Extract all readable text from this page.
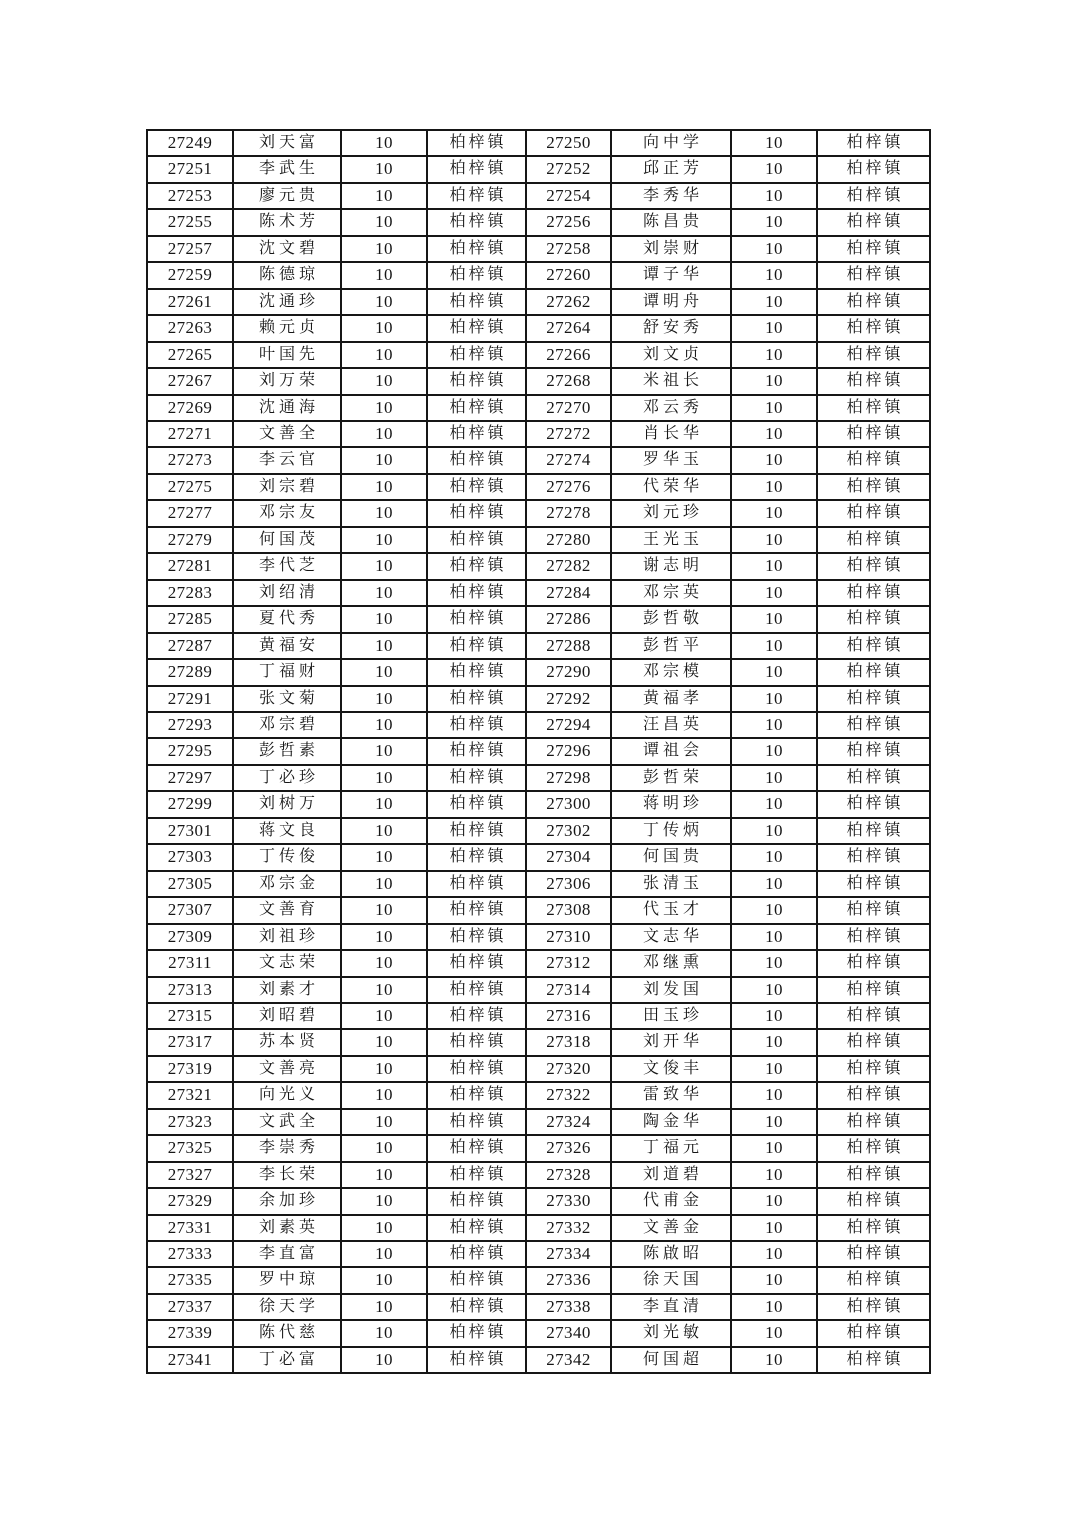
27249	刘天富	10	柏梓镇	27250	向中学	10	柏梓镇
27251	李武生	10	柏梓镇	27252	邱正芳	10	柏梓镇
27253	廖元贵	10	柏梓镇	27254	李秀华	10	柏梓镇
27255	陈术芳	10	柏梓镇	27256	陈昌贵	10	柏梓镇
27257	沈文碧	10	柏梓镇	27258	刘崇财	10	柏梓镇
27259	陈德琼	10	柏梓镇	27260	谭子华	10	柏梓镇
27261	沈通珍	10	柏梓镇	27262	谭明舟	10	柏梓镇
27263	赖元贞	10	柏梓镇	27264	舒安秀	10	柏梓镇
27265	叶国先	10	柏梓镇	27266	刘文贞	10	柏梓镇
27267	刘万荣	10	柏梓镇	27268	米祖长	10	柏梓镇
27269	沈通海	10	柏梓镇	27270	邓云秀	10	柏梓镇
27271	文善全	10	柏梓镇	27272	肖长华	10	柏梓镇
27273	李云官	10	柏梓镇	27274	罗华玉	10	柏梓镇
27275	刘宗碧	10	柏梓镇	27276	代荣华	10	柏梓镇
27277	邓宗友	10	柏梓镇	27278	刘元珍	10	柏梓镇
27279	何国茂	10	柏梓镇	27280	王光玉	10	柏梓镇
27281	李代芝	10	柏梓镇	27282	谢志明	10	柏梓镇
27283	刘绍清	10	柏梓镇	27284	邓宗英	10	柏梓镇
27285	夏代秀	10	柏梓镇	27286	彭哲敬	10	柏梓镇
27287	黄福安	10	柏梓镇	27288	彭哲平	10	柏梓镇
27289	丁福财	10	柏梓镇	27290	邓宗模	10	柏梓镇
27291	张文菊	10	柏梓镇	27292	黄福孝	10	柏梓镇
27293	邓宗碧	10	柏梓镇	27294	汪昌英	10	柏梓镇
27295	彭哲素	10	柏梓镇	27296	谭祖会	10	柏梓镇
27297	丁必珍	10	柏梓镇	27298	彭哲荣	10	柏梓镇
27299	刘树万	10	柏梓镇	27300	蒋明珍	10	柏梓镇
27301	蒋文良	10	柏梓镇	27302	丁传炳	10	柏梓镇
27303	丁传俊	10	柏梓镇	27304	何国贵	10	柏梓镇
27305	邓宗金	10	柏梓镇	27306	张清玉	10	柏梓镇
27307	文善育	10	柏梓镇	27308	代玉才	10	柏梓镇
27309	刘祖珍	10	柏梓镇	27310	文志华	10	柏梓镇
27311	文志荣	10	柏梓镇	27312	邓继熏	10	柏梓镇
27313	刘素才	10	柏梓镇	27314	刘发国	10	柏梓镇
27315	刘昭碧	10	柏梓镇	27316	田玉珍	10	柏梓镇
27317	苏本贤	10	柏梓镇	27318	刘开华	10	柏梓镇
27319	文善亮	10	柏梓镇	27320	文俊丰	10	柏梓镇
27321	向光义	10	柏梓镇	27322	雷致华	10	柏梓镇
27323	文武全	10	柏梓镇	27324	陶金华	10	柏梓镇
27325	李崇秀	10	柏梓镇	27326	丁福元	10	柏梓镇
27327	李长荣	10	柏梓镇	27328	刘道碧	10	柏梓镇
27329	余加珍	10	柏梓镇	27330	代甫金	10	柏梓镇
27331	刘素英	10	柏梓镇	27332	文善金	10	柏梓镇
27333	李直富	10	柏梓镇	27334	陈啟昭	10	柏梓镇
27335	罗中琼	10	柏梓镇	27336	徐天国	10	柏梓镇
27337	徐天学	10	柏梓镇	27338	李直清	10	柏梓镇
27339	陈代慈	10	柏梓镇	27340	刘光敏	10	柏梓镇
27341	丁必富	10	柏梓镇	27342	何国超	10	柏梓镇
